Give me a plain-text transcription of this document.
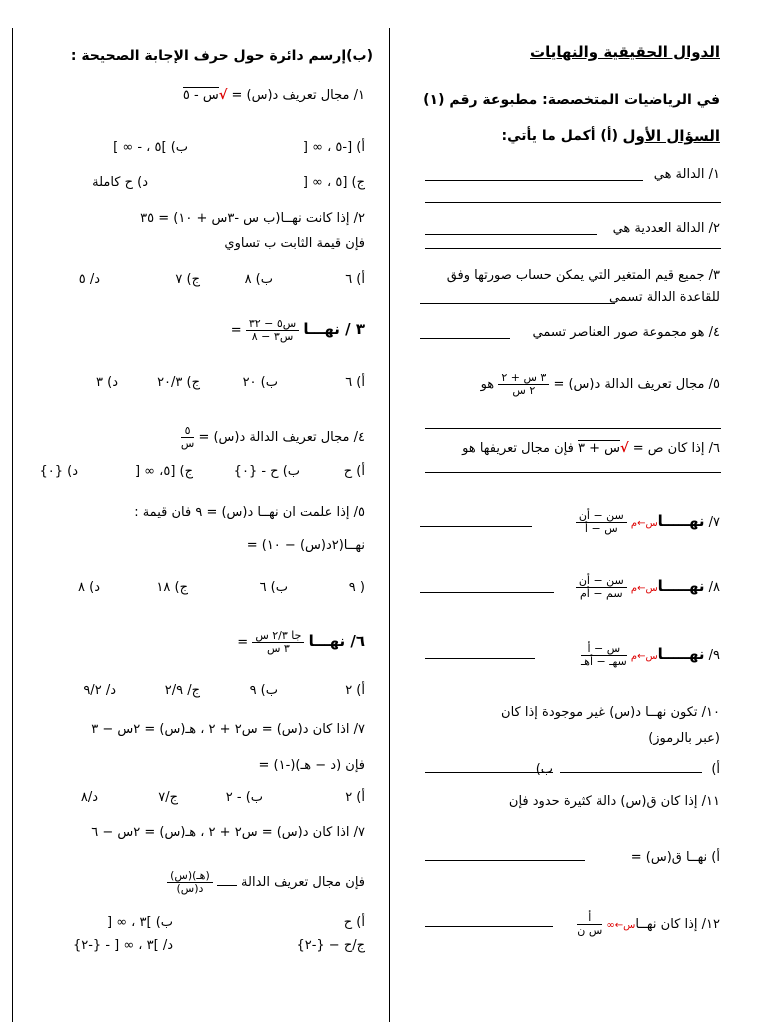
الدوال الحقيقية والنهايات
في الرياضيات المتخصصة: مطبوعة رقم (١)
السؤال الأول
(أ) أكمل ما يأتي:
١/ الدالة هي
٢/ الدالة العددية هي
٣/ جميع قيم المتغير التي يمكن حساب صورتها وفق
للقاعدة الدالة تسمي
٤/ هو مجموعة صور العناصر تسمي
٥/ مجال تعريف الدالة د(س) =
$\frac{\text{٣ س + ٢}}{\text{٢ س}}$
هو
٦/ إذا كان ص = √س + ٣ فإن مجال تعريفها هو
٧/ نهـــــاس←م
$\frac{\text{سن − أن}}{\text{س − أ}}$
٨/ نهـــــاس←م
$\frac{\text{سن − أن}}{\text{سم − أم}}$
٩/ نهـــــاس←م
$\frac{\text{س − أ}}{\text{سهـ − أهـ}}$
١٠/ تكون نهــا د(س) غير موجودة إذا كان
(عبر بالرموز)
أ)
ب)
١١/ إذا كان ق(س) دالة كثيرة حدود فإن
أ) نهــا ق(س) =
١٢/ إذا كان نهــاس←∞
$\frac{\text{أ}}{\text{س ن}}$
(ب)إرسم دائرة حول حرف الإجابة الصحيحة :
١/ مجال تعريف د(س) = √س - ٥
أ) [-٥ ، ∞ [
ب) ]٥ ، - ∞ ]
ج) [٥ ، ∞ [
د) ح كاملة
٢/ إذا كانت نهــا(ب س -٣س + ١٠) = ٣٥
فإن قيمة الثابت ب تساوي
أ) ٦
ب) ٨
ج) ٧
د/ ٥
٣ / نهـــا
$\frac{\text{س٥ − ٣٢}}{\text{س٣ − ٨}}$
=
أ) ٦
ب) ٢٠
ج) ٢٠/٣
د) ٣
٤/ مجال تعريف الدالة د(س) =
$\frac{٥}{\text{س}}$
أ) ح
ب) ح - {٠}
ج) [٥، ∞ [
د) {٠}
٥/ إذا علمت ان نهــا د(س) = ٩ فان قيمة :
نهــا(٢د(س) − ١٠) =
( ٩
ب) ٦
ج) ١٨
د) ٨
٦/ نهـــا
$\frac{\text{جا ٢/٣ س}}{\text{٣ س}}$
=
أ) ٢
ب) ٩
ج/ ٢/٩
د/ ٩/٢
٧/ اذا كان د(س) = س٢ + ٢ ، هـ(س) = ٢س − ٣
فإن (د − هـ)(-١) =
أ) ٢
ب) - ٢
ج/٧
د/٨
٧/ اذا كان د(س) = س٢ + ٢ ، هـ(س) = ٢س − ٦
فإن مجال تعريف الدالة
$\frac{\text{(هـ)(س)}}{\text{د(س)}}$
أ) ح
ب) ]٣ ، ∞ [
ج/ح − {-٢}
د/ ]٣ ، ∞ [ - {-٢}
